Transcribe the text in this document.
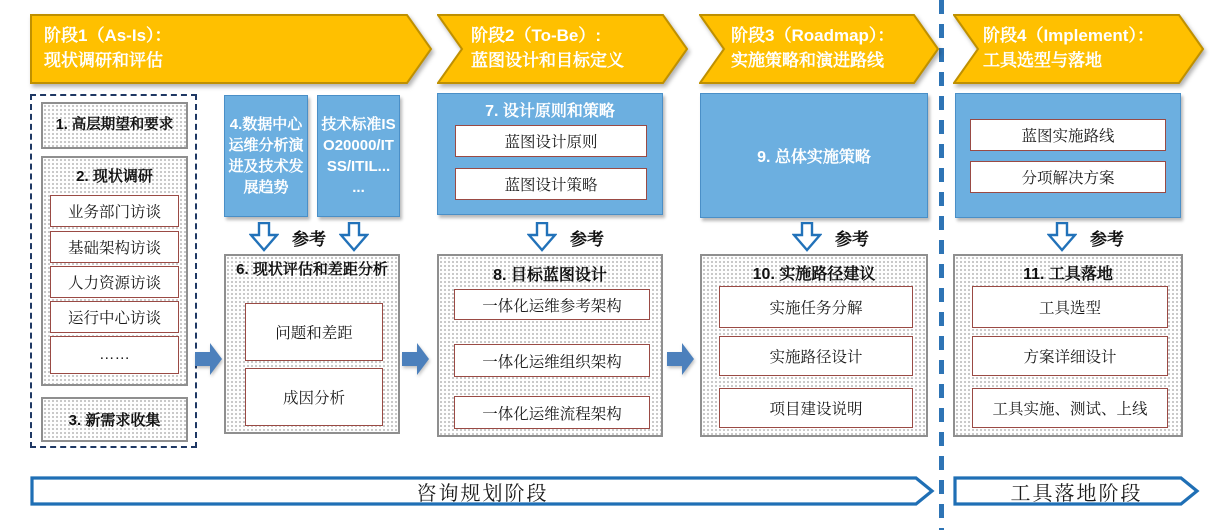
阶段1（As-Is）：
现状调研和评估
阶段2（To-Be）:
蓝图设计和目标定义
阶段3（Roadmap）：
实施策略和演进路线
阶段4（Implement）：
工具选型与落地
1. 高层期望和要求
2. 现状调研
业务部门访谈
基础架构访谈
人力资源访谈
运行中心访谈
……
3. 新需求收集
4.数据中心运维分析演进及技术发展趋势
技术标准ISO20000/ITSS/ITIL... ...
参考
6. 现状评估和差距分析
问题和差距
成因分析
7. 设计原则和策略
蓝图设计原则
蓝图设计策略
参考
8. 目标蓝图设计
一体化运维参考架构
一体化运维组织架构
一体化运维流程架构
9. 总体实施策略
参考
10. 实施路径建议
实施任务分解
实施路径设计
项目建设说明
蓝图实施路线
分项解决方案
参考
11. 工具落地
工具选型
方案详细设计
工具实施、测试、上线
咨询规划阶段	工具落地阶段
